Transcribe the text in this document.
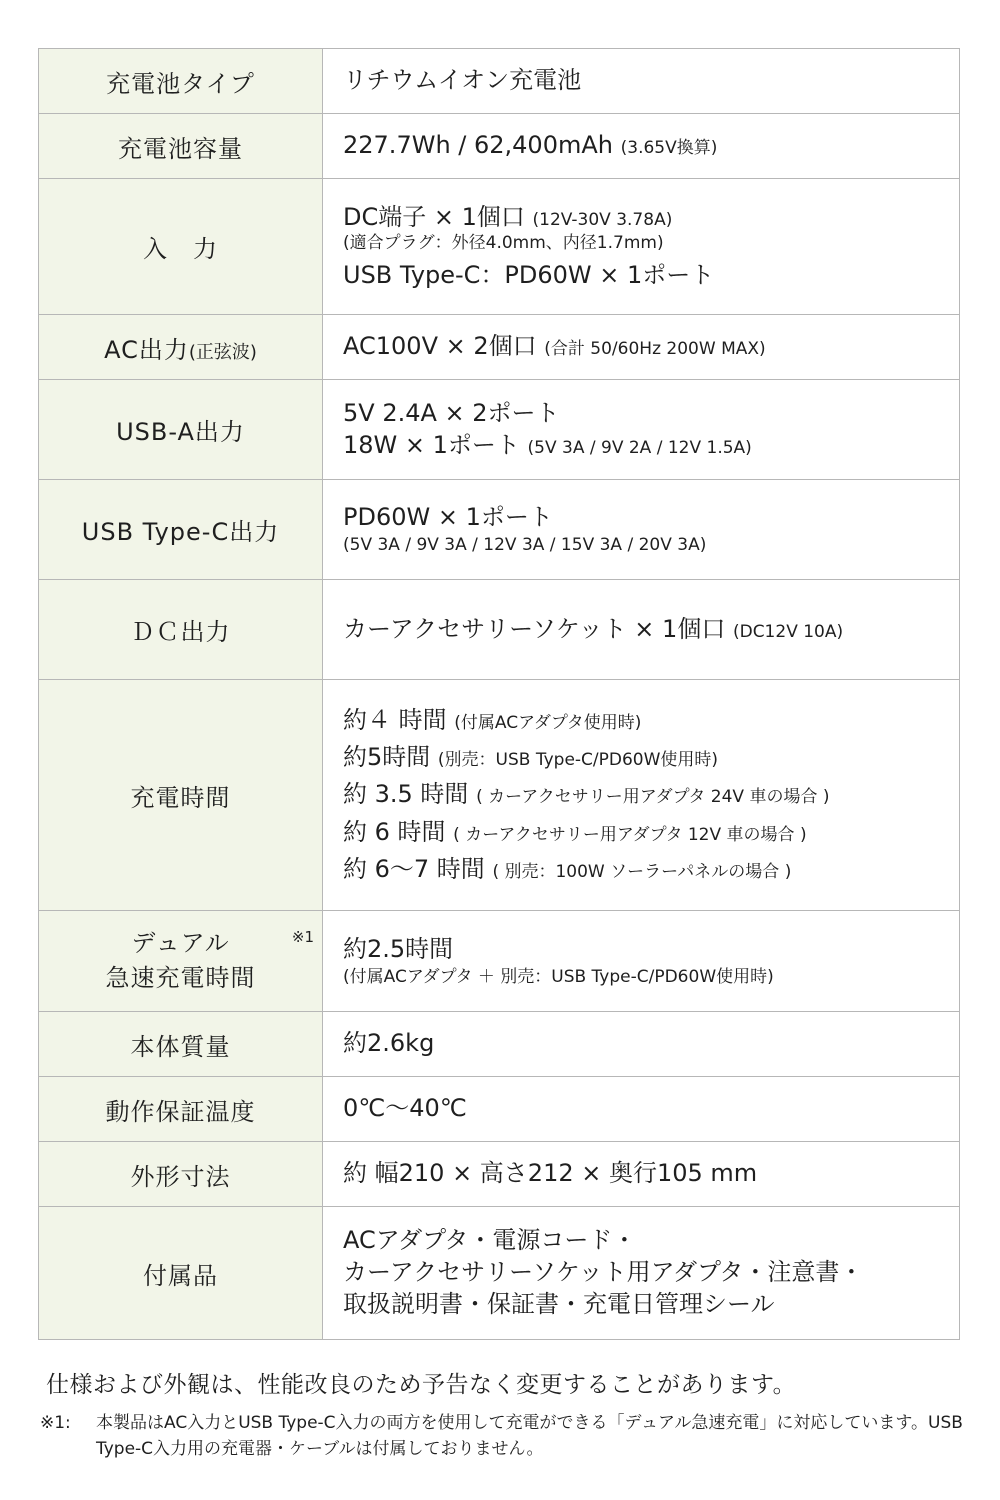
充電池タイプ	リチウムイオン充電池
充電池容量	227.7Wh / 62,400mAh (3.65V換算)
入　力	DC端子 × 1個口 (12V-30V 3.78A)
(適合プラグ：外径4.0mm、内径1.7mm)
USB Type-C：PD60W × 1ポート

AC出力(正弦波)	AC100V × 2個口 (合計 50/60Hz 200W MAX)
USB-A出力	5V 2.4A × 2ポート
18W × 1ポート (5V 3A / 9V 2A / 12V 1.5A)

USB Type-C出力	PD60W × 1ポート
(5V 3A / 9V 3A / 12V 3A / 15V 3A / 20V 3A)

ＤＣ出力	カーアクセサリーソケット × 1個口 (DC12V 10A)
充電時間	約４ 時間 (付属ACアダプタ使用時)
約5時間 (別売：USB Type-C/PD60W使用時)
約 3.5 時間 ( カーアクセサリー用アダプタ 24V 車の場合 )
約 6 時間 ( カーアクセサリー用アダプタ 12V 車の場合 )
約 6～7 時間 ( 別売：100W ソーラーパネルの場合 )

デュアル
急速充電時間
※1	約2.5時間
(付属ACアダプタ ＋ 別売：USB Type-C/PD60W使用時)

本体質量	約2.6kg
動作保証温度	0℃～40℃
外形寸法	約 幅210 × 高さ212 × 奥行105 mm
付属品	ACアダプタ・電源コード・
カーアクセサリーソケット用アダプタ・注意書・
取扱説明書・保証書・充電日管理シール
仕様および外観は、性能改良のため予告なく変更することがあります。
※1:	本製品はAC入力とUSB Type-C入力の両方を使用して充電ができる「デュアル急速充電」に対応しています。USB Type-C入力用の充電器・ケーブルは付属しておりません。
